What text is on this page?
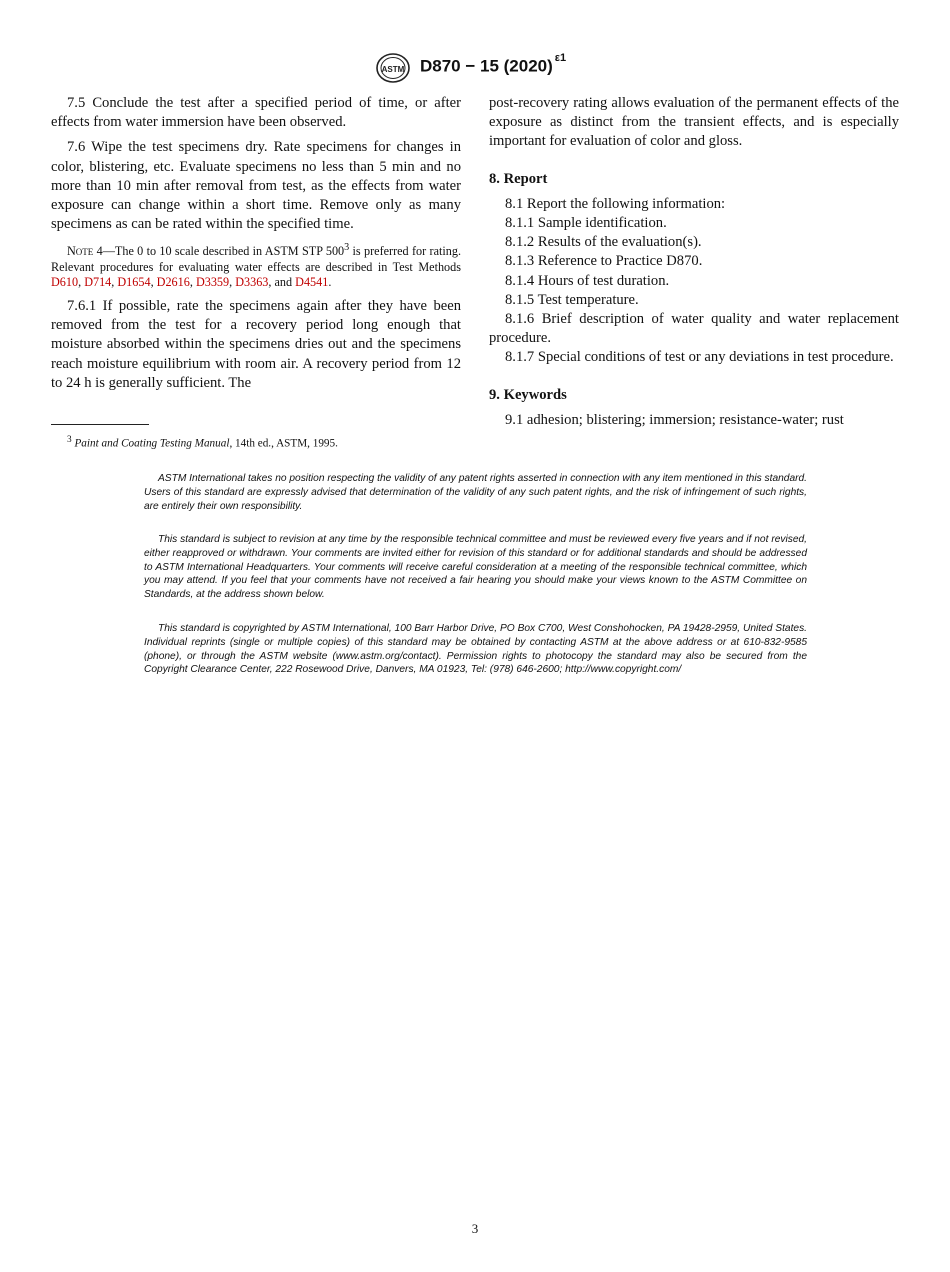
ASTM D870 − 15 (2020) $^{\varepsilon 1}$

7.5 Conclude the test after a specified period of time, or after effects from water immersion have been observed.

7.6 Wipe the test specimens dry. Rate specimens for changes in color, blistering, etc. Evaluate specimens no less than 5 min and no more than 10 min after removal from test, as the effects from water exposure can change within a short time. Remove only as many specimens as can be rated within the specified time.

Note 4—The 0 to 10 scale described in ASTM STP $500^3$ is preferred for rating. Relevant procedures for evaluating water effects are described in Test Methods D610, D714, D1654, D2616, D3359, D3363, and D4541.

7.6.1 If possible, rate the specimens again after they have been removed from the test for a recovery period long enough that moisture absorbed within the specimens dries out and the specimens reach moisture equilibrium with room air. A recovery period from 12 to 24 h is generally sufficient. The

$^3$ Paint and Coating Testing Manual, 14th ed., ASTM, 1995.

post-recovery rating allows evaluation of the permanent effects of the exposure as distinct from the transient effects, and is especially important for evaluation of color and gloss.

8. Report

8.1 Report the following information:

8.1.1 Sample identification.

8.1.2 Results of the evaluation(s).

8.1.3 Reference to Practice D870.

8.1.4 Hours of test duration.

8.1.5 Test temperature.

8.1.6 Brief description of water quality and water replacement procedure.

8.1.7 Special conditions of test or any deviations in test procedure.

9. Keywords

9.1 adhesion; blistering; immersion; resistance-water; rust

ASTM International takes no position respecting the validity of any patent rights asserted in connection with any item mentioned in this standard. Users of this standard are expressly advised that determination of the validity of any such patent rights, and the risk of infringement of such rights, are entirely their own responsibility.

This standard is subject to revision at any time by the responsible technical committee and must be reviewed every five years and if not revised, either reapproved or withdrawn. Your comments are invited either for revision of this standard or for additional standards and should be addressed to ASTM International Headquarters. Your comments will receive careful consideration at a meeting of the responsible technical committee, which you may attend. If you feel that your comments have not received a fair hearing you should make your views known to the ASTM Committee on Standards, at the address shown below.

This standard is copyrighted by ASTM International, 100 Barr Harbor Drive, PO Box C700, West Conshohocken, PA 19428-2959, United States. Individual reprints (single or multiple copies) of this standard may be obtained by contacting ASTM at the above address or at 610-832-9585 (phone), or through the ASTM website (www.astm.org/contact). Permission rights to photocopy the standard may also be secured from the Copyright Clearance Center, 222 Rosewood Drive, Danvers, MA 01923, Tel: (978) 646-2600; http://www.copyright.com/

3
